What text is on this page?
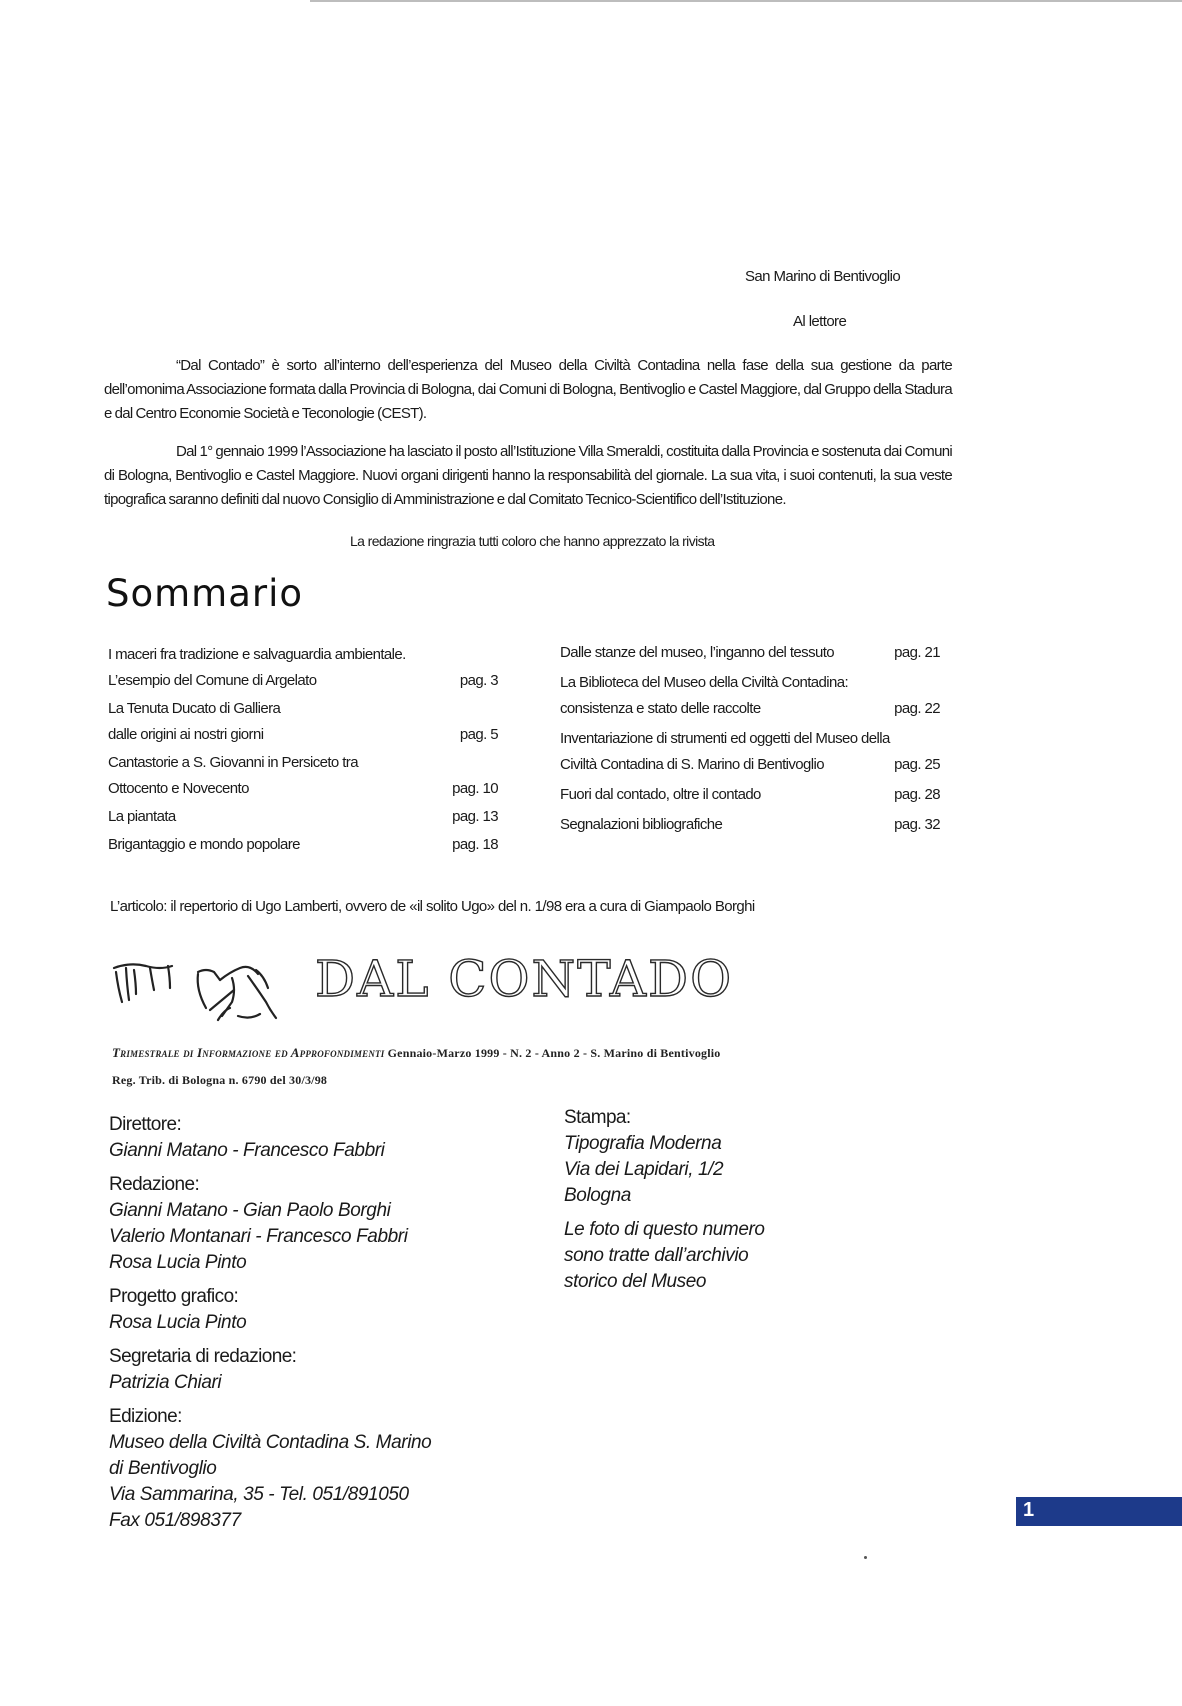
San Marino di Bentivoglio
Al lettore
“Dal Contado” è sorto all’interno dell’esperienza del Museo della Civiltà Contadina nella fase della sua gestione da parte dell’omonima Associazione formata dalla Provincia di Bologna, dai Comuni di Bologna, Bentivoglio e Castel Maggiore, dal Gruppo della Stadura e dal Centro Economie Società e Teconologie (CEST).
Dal 1° gennaio 1999 l’Associazione ha lasciato il posto all’Istituzione Villa Smeraldi, costituita dalla Provincia e sostenuta dai Comuni di Bologna, Bentivoglio e Castel Maggiore. Nuovi organi dirigenti hanno la responsabilità del giornale. La sua vita, i suoi contenuti, la sua veste tipografica saranno definiti dal nuovo Consiglio di Amministrazione e dal Comitato Tecnico-Scientifico dell’Istituzione.
La redazione ringrazia tutti coloro che hanno apprezzato la rivista
Sommario
I maceri fra tradizione e salvaguardia ambientale.
L’esempio del Comune di Argelato	pag. 3
La Tenuta Ducato di Galliera
dalle origini ai nostri giorni	pag. 5
Cantastorie a S. Giovanni in Persiceto tra
Ottocento e Novecento	pag. 10
La piantata	pag. 13
Brigantaggio e mondo popolare	pag. 18
Dalle stanze del museo, l’inganno del tessuto	pag. 21
La Biblioteca del Museo della Civiltà Contadina:
consistenza e stato delle raccolte	pag. 22
Inventariazione di strumenti ed oggetti del Museo della
Civiltà Contadina di S. Marino di Bentivoglio	pag. 25
Fuori dal contado, oltre il contado	pag. 28
Segnalazioni bibliografiche	pag. 32
L’articolo: il repertorio di Ugo Lamberti, ovvero de «il solito Ugo» del n. 1/98 era a cura di Giampaolo Borghi
DAL CONTADO
Trimestrale di Informazione ed Approfondimenti Gennaio-Marzo 1999 - N. 2 - Anno 2 - S. Marino di Bentivoglio
Reg. Trib. di Bologna n. 6790 del 30/3/98
Direttore:
Gianni Matano - Francesco Fabbri
Redazione:
Gianni Matano - Gian Paolo Borghi
Valerio Montanari - Francesco Fabbri
Rosa Lucia Pinto
Progetto grafico:
Rosa Lucia Pinto
Segretaria di redazione:
Patrizia Chiari
Edizione:
Museo della Civiltà Contadina S. Marino
di Bentivoglio
Via Sammarina, 35 - Tel. 051/891050
Fax 051/898377
Stampa:
Tipografia Moderna
Via dei Lapidari, 1/2
Bologna
Le foto di questo numero
sono tratte dall’archivio
storico del Museo
1
